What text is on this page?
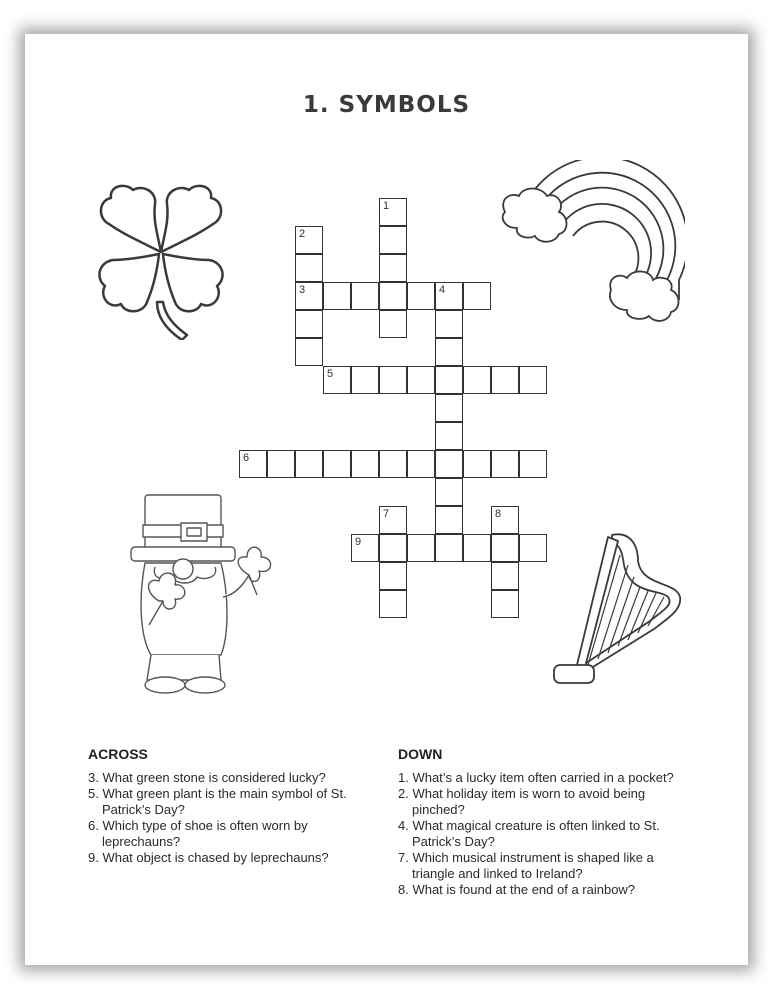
1. SYMBOLS
1
2
3	4
5
6
7	8
9
ACROSS
3. What green stone is considered lucky?
5. What green plant is the main symbol of St. Patrick’s Day?
6. Which type of shoe is often worn by leprechauns?
9. What object is chased by leprechauns?
DOWN
1. What’s a lucky item often carried in a pocket?
2. What holiday item is worn to avoid being pinched?
4. What magical creature is often linked to St. Patrick’s Day?
7. Which musical instrument is shaped like a triangle and linked to Ireland?
8. What is found at the end of a rainbow?
